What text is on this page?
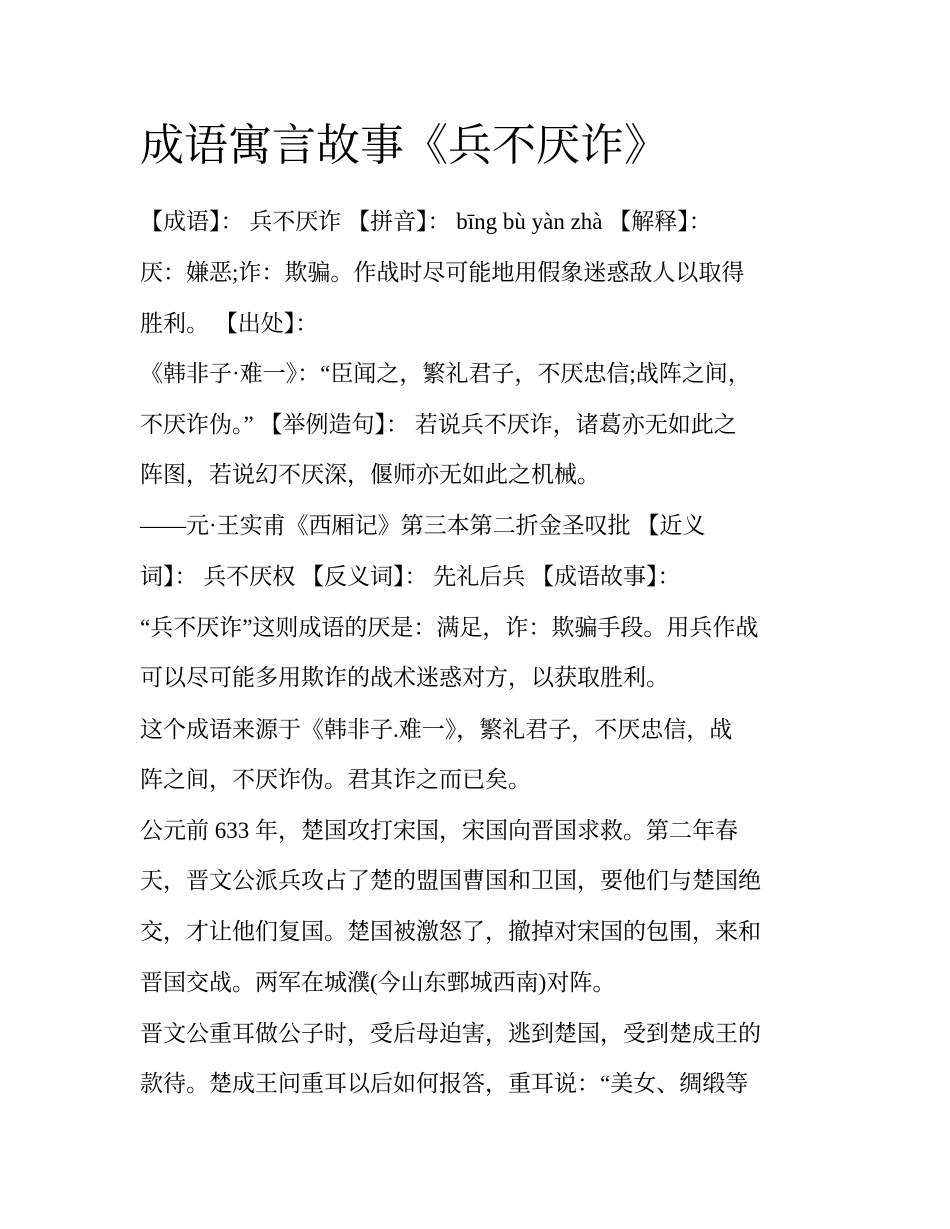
成语寓言故事《兵不厌诈》
【成语】： 兵不厌诈 【拼音】： bīng bù yàn zhà 【解释】：
厌：嫌恶;诈：欺骗。作战时尽可能地用假象迷惑敌人以取得
胜利。 【出处】：
《韩非子·难一》：“臣闻之，繁礼君子，不厌忠信;战阵之间，
不厌诈伪。” 【举例造句】： 若说兵不厌诈，诸葛亦无如此之
阵图，若说幻不厌深，偃师亦无如此之机械。
——元·王实甫《西厢记》第三本第二折金圣叹批 【近义
词】： 兵不厌权 【反义词】： 先礼后兵 【成语故事】：
“兵不厌诈”这则成语的厌是：满足，诈：欺骗手段。用兵作战
可以尽可能多用欺诈的战术迷惑对方，以获取胜利。
这个成语来源于《韩非子.难一》，繁礼君子，不厌忠信，战
阵之间，不厌诈伪。君其诈之而已矣。
公元前 633 年，楚国攻打宋国，宋国向晋国求救。第二年春
天，晋文公派兵攻占了楚的盟国曹国和卫国，要他们与楚国绝
交，才让他们复国。楚国被激怒了，撤掉对宋国的包围，来和
晋国交战。两军在城濮(今山东鄄城西南)对阵。
晋文公重耳做公子时，受后母迫害，逃到楚国，受到楚成王的
款待。楚成王问重耳以后如何报答，重耳说：“美女、绸缎等
